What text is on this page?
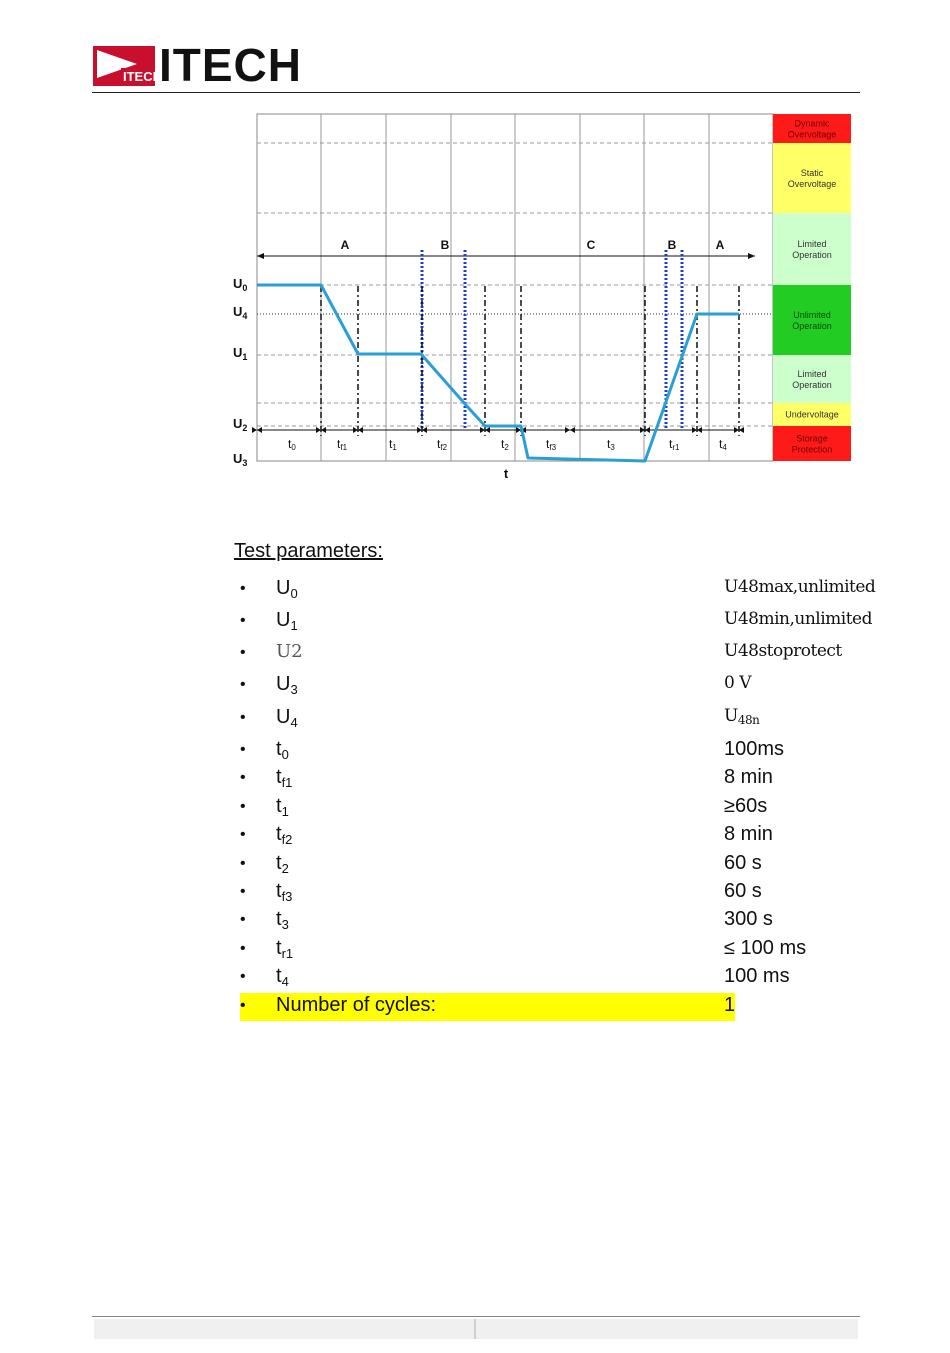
ITECH
ITECH
Dynamic
Overvoltage
Static
Overvoltage
Limited
Operation
Unlimited
Operation
Limited
Operation
Undervoltage
Storage
Protection
$U_0$
$U_4$
$U_1$
$U_2$
$U_3$
A	B	C	B	A
t0	tf1	t1	tf2	t2	tf3	t3	tr1	t4
t
Test parameters:
• $U_0$	U48max,unlimited
• $U_1$	U48min,unlimited
• U2	U48stoprotect
• $U_3$	0 V
• $U_4$	$U_{48n}$
• $t_0$	100ms
• $t_{f1}$	8 min
• $t_1$	≥60s
• $t_{f2}$	8 min
• $t_2$	60 s
• $t_{f3}$	60 s
• $t_3$	300 s
• $t_{r1}$	≤ 100 ms
• $t_4$	100 ms
• Number of cycles:	1
